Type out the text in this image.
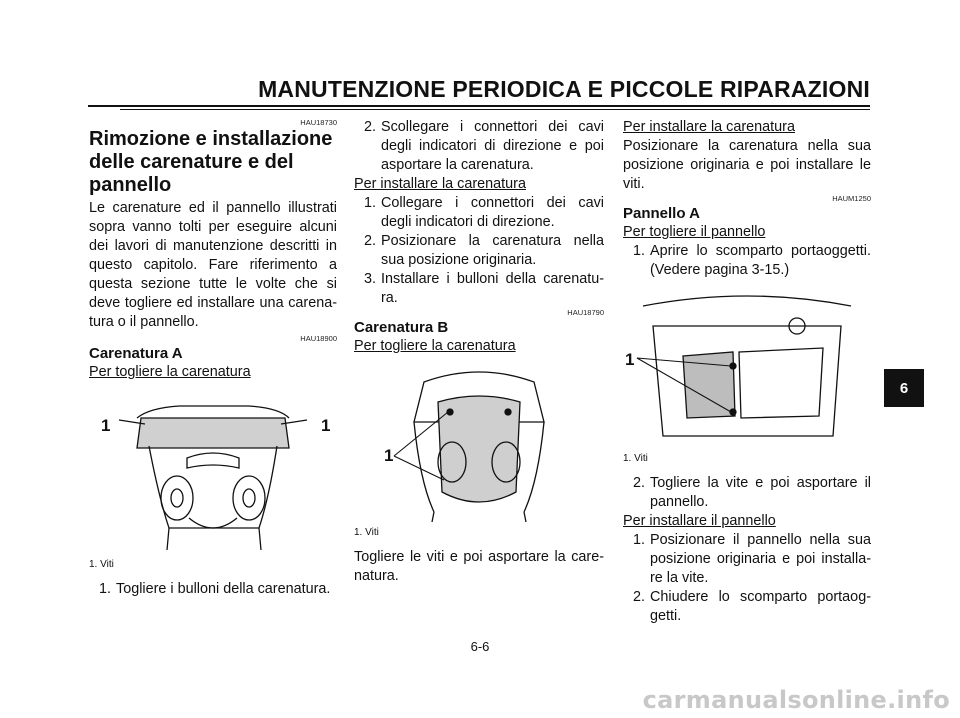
MANUTENZIONE PERIODICA E PICCOLE RIPARAZIONI
HAU18730
Rimozione e installazione delle carenature e del pannello

Le carenature ed il pannello illustrati sopra vanno tolti per eseguire alcuni dei lavori di manutenzione descritti in questo capitolo. Fare riferimento a questa sezione tutte le volte che si deve togliere ed installare una carena-tura o il pannello.

HAU18900
Carenatura A
Per togliere la carenatura
1	1
1. Viti
1. Togliere i bulloni della carenatura.
2. Scollegare i connettori dei cavi degli indicatori di direzione e poi asportare la carenatura.
Per installare la carenatura
1. Collegare i connettori dei cavi degli indicatori di direzione.
2. Posizionare la carenatura nella sua posizione originaria.
3. Installare i bulloni della carenatu-ra.
HAU18790
Carenatura B
Per togliere la carenatura
1
1. Viti

Togliere le viti e poi asportare la care-natura.

Per installare la carenatura

Posizionare la carenatura nella sua posizione originaria e poi installare le viti.

HAUM1250
Pannello A
Per togliere il pannello
1. Aprire lo scomparto portaoggetti. (Vedere pagina 3-15.)
1
1. Viti
2. Togliere la vite e poi asportare il pannello.
Per installare il pannello
1. Posizionare il pannello nella sua posizione originaria e poi installa-re la vite.
2. Chiudere lo scomparto portaog-getti.
6-6
6
carmanualsonline.info
